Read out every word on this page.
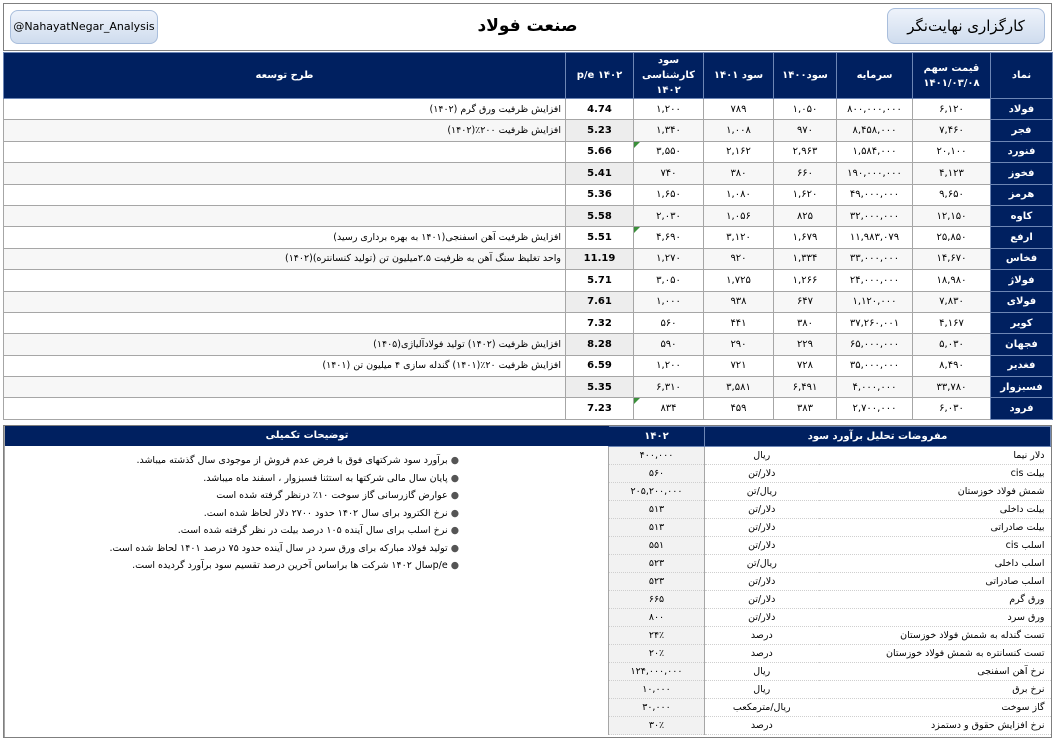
@NahayatNegar_Analysis	صنعت فولاد	کارگزاری نهایت‌نگر
نماد	قیمت سهم ۱۴۰۱/۰۳/۰۸	سرمایه	سود۱۴۰۰	سود ۱۴۰۱	سود کارشناسی ۱۴۰۲	p/e ۱۴۰۲	طرح توسعه
فولاد	۶,۱۲۰	۸۰۰,۰۰۰,۰۰۰	۱,۰۵۰	۷۸۹	۱,۲۰۰	4.74	افزایش ظرفیت ورق گرم (۱۴۰۲)
فجر	۷,۴۶۰	۸,۴۵۸,۰۰۰	۹۷۰	۱,۰۰۸	۱,۳۴۰	5.23	افزایش ظرفیت ۲۰۰٪(۱۴۰۲)
فنورد	۲۰,۱۰۰	۱,۵۸۴,۰۰۰	۲,۹۶۳	۲,۱۶۲	۳,۵۵۰	5.66	
فخوز	۴,۱۲۳	۱۹۰,۰۰۰,۰۰۰	۶۶۰	۳۸۰	۷۴۰	5.41	
هرمز	۹,۶۵۰	۴۹,۰۰۰,۰۰۰	۱,۶۲۰	۱,۰۸۰	۱,۶۵۰	5.36	
کاوه	۱۲,۱۵۰	۳۲,۰۰۰,۰۰۰	۸۲۵	۱,۰۵۶	۲,۰۳۰	5.58	
ارفع	۲۵,۸۵۰	۱۱,۹۸۳,۰۷۹	۱,۶۷۹	۳,۱۲۰	۴,۶۹۰	5.51	افزایش ظرفیت آهن اسفنجی(۱۴۰۱ به بهره برداری رسید)
فخاس	۱۴,۶۷۰	۳۳,۰۰۰,۰۰۰	۱,۳۳۴	۹۲۰	۱,۲۷۰	11.19	واحد تغلیظ سنگ آهن به ظرفیت ۲.۵میلیون تن (تولید کنسانتره)(۱۴۰۲)
فولاژ	۱۸,۹۸۰	۲۴,۰۰۰,۰۰۰	۱,۲۶۶	۱,۷۲۵	۳,۰۵۰	5.71	
فولای	۷,۸۳۰	۱,۱۲۰,۰۰۰	۶۴۷	۹۳۸	۱,۰۰۰	7.61	
کویر	۴,۱۶۷	۳۷,۲۶۰,۰۰۱	۳۸۰	۴۴۱	۵۶۰	7.32	
فجهان	۵,۰۳۰	۶۵,۰۰۰,۰۰۰	۲۲۹	۲۹۰	۵۹۰	8.28	افزایش ظرفیت (۱۴۰۲) تولید فولادآلیاژی(۱۴۰۵)
فغدیر	۸,۴۹۰	۳۵,۰۰۰,۰۰۰	۷۲۸	۷۲۱	۱,۲۰۰	6.59	افزایش ظرفیت ۲۰٪(۱۴۰۱) گندله سازی ۴ میلیون تن (۱۴۰۱)
فسبزوار	۳۳,۷۸۰	۴,۰۰۰,۰۰۰	۶,۴۹۱	۳,۵۸۱	۶,۳۱۰	5.35	
فرود	۶,۰۳۰	۲,۷۰۰,۰۰۰	۳۸۳	۴۵۹	۸۳۴	7.23	
مفروضات تحلیل برآورد سود		۱۴۰۲
دلار نیما	ریال	۴۰۰,۰۰۰
بیلت cis	دلار/تن	۵۶۰
شمش فولاد خوزستان	ریال/تن	۲۰۵,۲۰۰,۰۰۰
بیلت داخلی	دلار/تن	۵۱۳
بیلت صادراتی	دلار/تن	۵۱۳
اسلب cis	دلار/تن	۵۵۱
اسلب داخلی	ریال/تن	۵۲۳
اسلب صادراتی	دلار/تن	۵۲۳
ورق گرم	دلار/تن	۶۶۵
ورق سرد	دلار/تن	۸۰۰
تست گندله به شمش فولاد خوزستان	درصد	۲۴٪
تست کنسانتره به شمش فولاد خوزستان	درصد	۲۰٪
نرخ آهن اسفنجی	ریال	۱۲۴,۰۰۰,۰۰۰
نرخ برق	ریال	۱۰,۰۰۰
گاز سوخت	ریال/مترمکعب	۳۰,۰۰۰
نرخ افزایش حقوق و دستمزد	درصد	۳۰٪
توضیحات تکمیلی
●برآورد سود شرکتهای فوق با فرض عدم فروش از موجودی سال گذشته میباشد.
●پایان سال مالی شرکتها به استثنا فسبزوار ، اسفند ماه میباشد.
●عوارض گازرسانی گاز سوخت ۱۰٪ درنظر گرفته شده است
●نرخ الکترود برای سال ۱۴۰۲ حدود ۲۷۰۰ دلار لحاظ شده است.
●نرخ اسلب برای سال آینده ۱۰۵ درصد بیلت در نظر گرفته شده است.
●تولید فولاد مبارکه برای ورق سرد در سال آینده حدود ۷۵ درصد ۱۴۰۱ لحاظ شده است.
●p/eسال ۱۴۰۲ شرکت ها براساس آخرین درصد تقسیم سود برآورد گردیده است.
